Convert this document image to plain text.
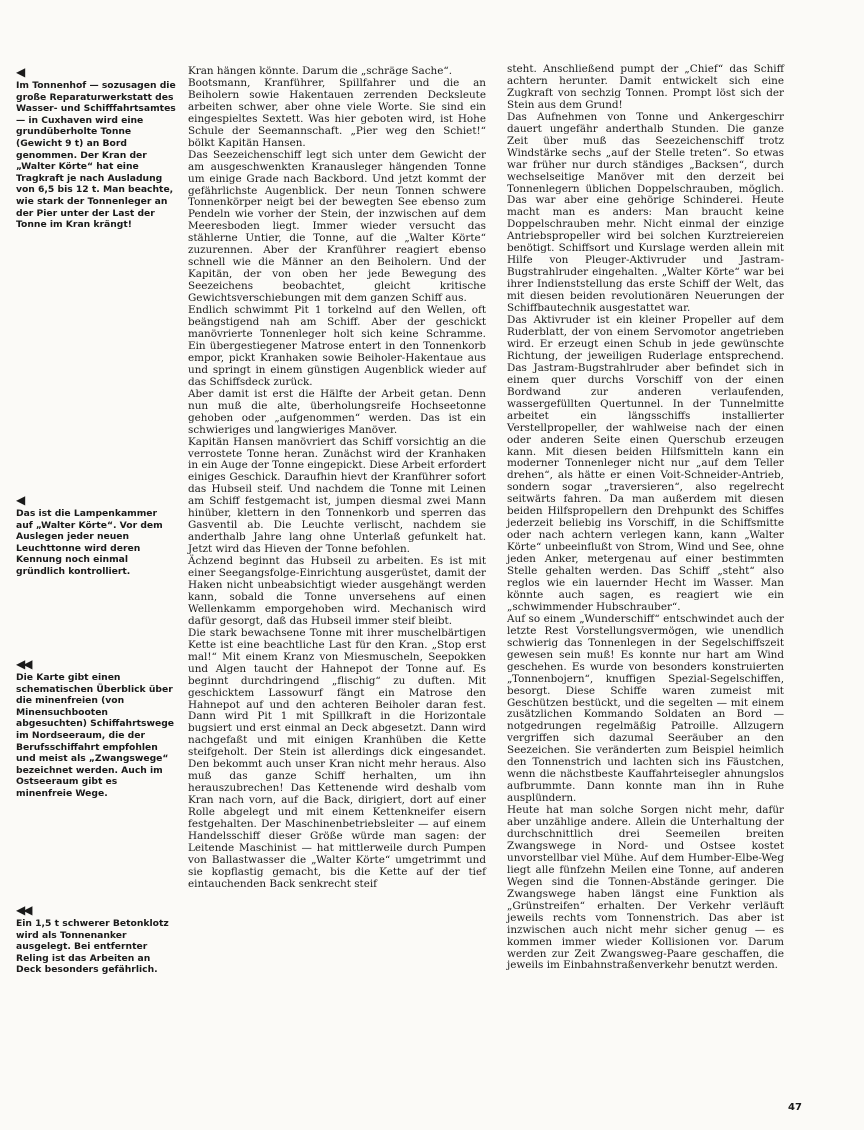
◀
Im Tonnenhof — sozusagen die große Reparaturwerkstatt des Wasser- und Schifffahrtsamtes — in Cuxhaven wird eine grundüberholte Tonne (Gewicht 9 t) an Bord genommen. Der Kran der „Walter Körte“ hat eine Tragkraft je nach Ausladung von 6,5 bis 12 t. Man beachte, wie stark der Tonnenleger an der Pier unter der Last der Tonne im Kran krängt!
◀
Das ist die Lampenkammer auf „Walter Körte“. Vor dem Auslegen jeder neuen Leuchttonne wird deren Kennung noch einmal gründlich kontrolliert.
◀◀
Die Karte gibt einen schematischen Überblick über die minenfreien (von Minensuchbooten abgesuchten) Schiffahrtswege im Nordseeraum, die der Berufsschiffahrt empfohlen und meist als „Zwangswege“ bezeichnet werden. Auch im Ostseeraum gibt es minenfreie Wege.
◀◀
Ein 1,5 t schwerer Betonklotz wird als Tonnenanker ausgelegt. Bei entfernter Reling ist das Arbeiten an Deck besonders gefährlich.

Kran hängen könnte. Darum die „schräge Sache“.

Bootsmann, Kranführer, Spillfahrer und die an Beiholern sowie Hakentauen zerrenden Decksleute arbeiten schwer, aber ohne viele Worte. Sie sind ein eingespieltes Sextett. Was hier geboten wird, ist Hohe Schule der Seemannschaft. „Pier weg den Schiet!“ bölkt Kapitän Hansen.

Das Seezeichenschiff legt sich unter dem Gewicht der am ausgeschwenkten Kranausleger hängenden Tonne um einige Grade nach Backbord. Und jetzt kommt der gefährlichste Augenblick. Der neun Tonnen schwere Tonnenkörper neigt bei der bewegten See ebenso zum Pendeln wie vorher der Stein, der inzwischen auf dem Meeresboden liegt. Immer wieder versucht das stählerne Untier, die Tonne, auf die „Walter Körte“ zuzurennen. Aber der Kranführer reagiert ebenso schnell wie die Männer an den Beiholern. Und der Kapitän, der von oben her jede Bewegung des Seezeichens beobachtet, gleicht kritische Gewichtsverschiebungen mit dem ganzen Schiff aus.

Endlich schwimmt Pit 1 torkelnd auf den Wellen, oft beängstigend nah am Schiff. Aber der geschickt manövrierte Tonnenleger holt sich keine Schramme. Ein übergestiegener Matrose entert in den Tonnenkorb empor, pickt Kranhaken sowie Beiholer-Hakentaue aus und springt in einem günstigen Augenblick wieder auf das Schiffsdeck zurück.

Aber damit ist erst die Hälfte der Arbeit getan. Denn nun muß die alte, überholungsreife Hochseetonne gehoben oder „aufgenommen“ werden. Das ist ein schwieriges und langwieriges Manöver.

Kapitän Hansen manövriert das Schiff vorsichtig an die verrostete Tonne heran. Zunächst wird der Kranhaken in ein Auge der Tonne eingepickt. Diese Arbeit erfordert einiges Geschick. Daraufhin hievt der Kranführer sofort das Hubseil steif. Und nachdem die Tonne mit Leinen am Schiff festgemacht ist, jumpen diesmal zwei Mann hinüber, klettern in den Tonnenkorb und sperren das Gasventil ab. Die Leuchte verlischt, nachdem sie anderthalb Jahre lang ohne Unterlaß gefunkelt hat. Jetzt wird das Hieven der Tonne befohlen.

Ächzend beginnt das Hubseil zu arbeiten. Es ist mit einer Seegangsfolge-Einrichtung ausgerüstet, damit der Haken nicht unbeabsichtigt wieder ausgehängt werden kann, sobald die Tonne unversehens auf einen Wellenkamm emporgehoben wird. Mechanisch wird dafür gesorgt, daß das Hubseil immer steif bleibt.

Die stark bewachsene Tonne mit ihrer muschelbärtigen Kette ist eine beachtliche Last für den Kran. „Stop erst mal!“ Mit einem Kranz von Miesmuscheln, Seepokken und Algen taucht der Hahnepot der Tonne auf. Es beginnt durchdringend „flischig“ zu duften. Mit geschicktem Lassowurf fängt ein Matrose den Hahnepot auf und den achteren Beiholer daran fest. Dann wird Pit 1 mit Spillkraft in die Horizontale bugsiert und erst einmal an Deck abgesetzt. Dann wird nachgefaßt und mit einigen Kranhüben die Kette steifgeholt. Der Stein ist allerdings dick eingesandet. Den bekommt auch unser Kran nicht mehr heraus. Also muß das ganze Schiff herhalten, um ihn herauszubrechen! Das Kettenende wird deshalb vom Kran nach vorn, auf die Back, dirigiert, dort auf einer Rolle abgelegt und mit einem Kettenkneifer eisern festgehalten. Der Maschinenbetriebsleiter — auf einem Handelsschiff dieser Größe würde man sagen: der Leitende Maschinist — hat mittlerweile durch Pumpen von Ballastwasser die „Walter Körte“ umgetrimmt und sie kopflastig gemacht, bis die Kette auf der tief eintauchenden Back senkrecht steif

steht. Anschließend pumpt der „Chief“ das Schiff achtern herunter. Damit entwickelt sich eine Zugkraft von sechzig Tonnen. Prompt löst sich der Stein aus dem Grund!

Das Aufnehmen von Tonne und Ankergeschirr dauert ungefähr anderthalb Stunden. Die ganze Zeit über muß das Seezeichenschiff trotz Windstärke sechs „auf der Stelle treten“. So etwas war früher nur durch ständiges „Backsen“, durch wechselseitige Manöver mit den derzeit bei Tonnenlegern üblichen Doppelschrauben, möglich. Das war aber eine gehörige Schinderei. Heute macht man es anders: Man braucht keine Doppelschrauben mehr. Nicht einmal der einzige Antriebspropeller wird bei solchen Kurztreiereien benötigt. Schiffsort und Kurslage werden allein mit Hilfe von Pleuger-Aktivruder und Jastram-Bugstrahlruder eingehalten. „Walter Körte“ war bei ihrer Indienststellung das erste Schiff der Welt, das mit diesen beiden revolutionären Neuerungen der Schiffbautechnik ausgestattet war.

Das Aktivruder ist ein kleiner Propeller auf dem Ruderblatt, der von einem Servomotor angetrieben wird. Er erzeugt einen Schub in jede gewünschte Richtung, der jeweiligen Ruderlage entsprechend. Das Jastram-Bugstrahlruder aber befindet sich in einem quer durchs Vorschiff von der einen Bordwand zur anderen verlaufenden, wassergefüllten Quertunnel. In der Tunnelmitte arbeitet ein längsschiffs installierter Verstellpropeller, der wahlweise nach der einen oder anderen Seite einen Querschub erzeugen kann. Mit diesen beiden Hilfsmitteln kann ein moderner Tonnenleger nicht nur „auf dem Teller drehen“, als hätte er einen Voit-Schneider-Antrieb, sondern sogar „traversieren“, also regelrecht seitwärts fahren. Da man außerdem mit diesen beiden Hilfspropellern den Drehpunkt des Schiffes jederzeit beliebig ins Vorschiff, in die Schiffsmitte oder nach achtern verlegen kann, kann „Walter Körte“ unbeeinflußt von Strom, Wind und See, ohne jeden Anker, metergenau auf einer bestimmten Stelle gehalten werden. Das Schiff „steht“ also reglos wie ein lauernder Hecht im Wasser. Man könnte auch sagen, es reagiert wie ein „schwimmender Hubschrauber“.

Auf so einem „Wunderschiff“ entschwindet auch der letzte Rest Vorstellungsvermögen, wie unendlich schwierig das Tonnenlegen in der Segelschiffszeit gewesen sein muß! Es konnte nur hart am Wind geschehen. Es wurde von besonders konstruierten „Tonnenbojern“, knuffigen Spezial-Segelschiffen, besorgt. Diese Schiffe waren zumeist mit Geschützen bestückt, und die segelten — mit einem zusätzlichen Kommando Soldaten an Bord — notgedrungen regelmäßig Patroille. Allzugern vergriffen sich dazumal Seeräuber an den Seezeichen. Sie veränderten zum Beispiel heimlich den Tonnenstrich und lachten sich ins Fäustchen, wenn die nächstbeste Kauffahrteisegler ahnungslos aufbrummte. Dann konnte man ihn in Ruhe ausplündern.

Heute hat man solche Sorgen nicht mehr, dafür aber unzählige andere. Allein die Unterhaltung der durchschnittlich drei Seemeilen breiten Zwangswege in Nord- und Ostsee kostet unvorstellbar viel Mühe. Auf dem Humber-Elbe-Weg liegt alle fünfzehn Meilen eine Tonne, auf anderen Wegen sind die Tonnen-Abstände geringer. Die Zwangswege haben längst eine Funktion als „Grünstreifen“ erhalten. Der Verkehr verläuft jeweils rechts vom Tonnenstrich. Das aber ist inzwischen auch nicht mehr sicher genug — es kommen immer wieder Kollisionen vor. Darum werden zur Zeit Zwangsweg-Paare geschaffen, die jeweils im Einbahnstraßenverkehr benutzt werden.

47
